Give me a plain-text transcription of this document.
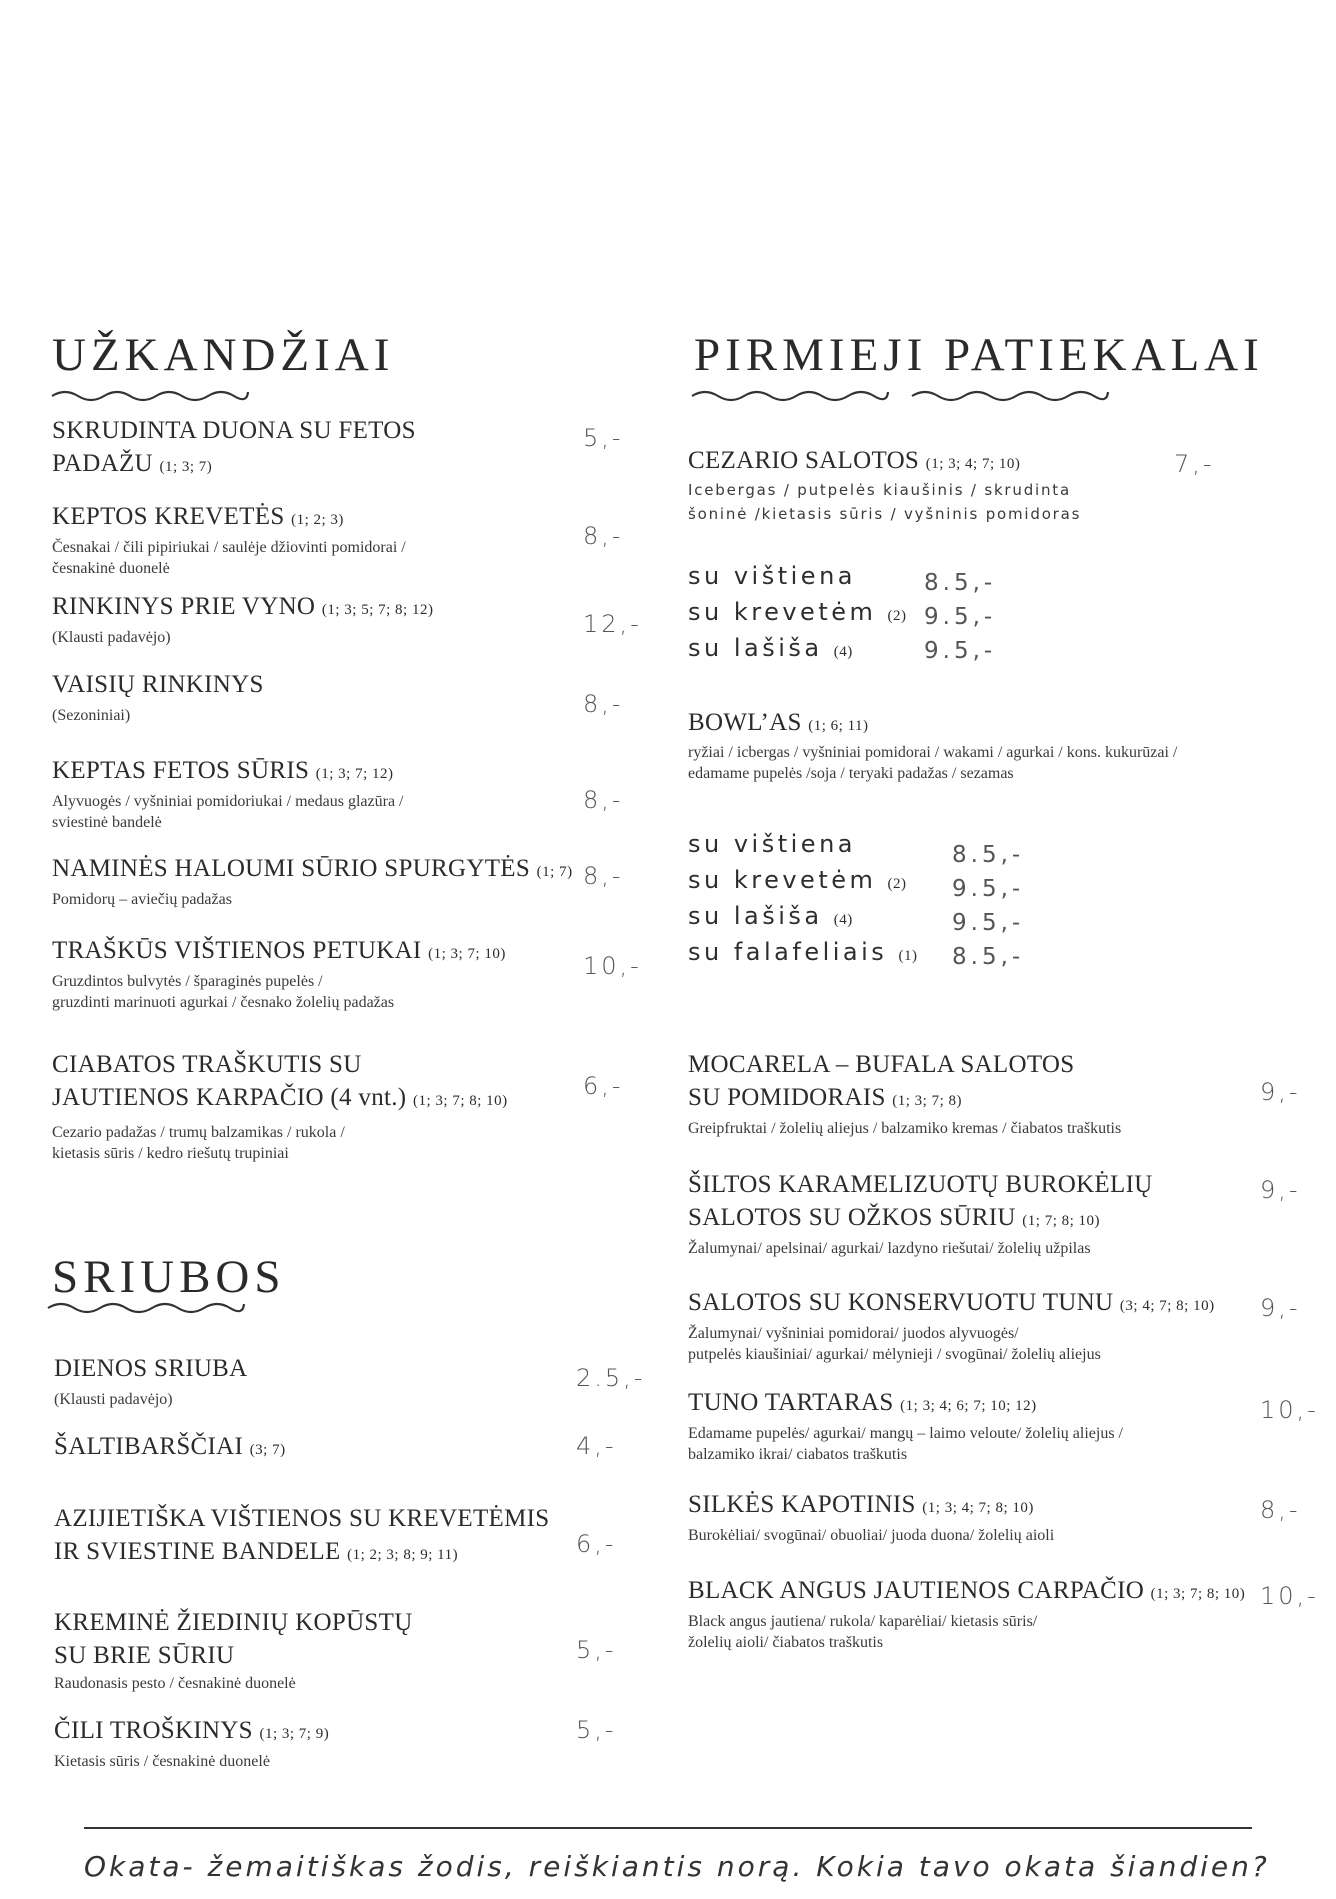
UŽKANDŽIAI
SKRUDINTA DUONA SU FETOS
PADAŽU (1; 3; 7)
5,-
KEPTOS KREVETĖS (1; 2; 3)
Česnakai / čili pipiriukai / saulėje džiovinti pomidorai /
česnakinė duonelė
8,-
RINKINYS PRIE VYNO (1; 3; 5; 7; 8; 12)
(Klausti padavėjo)	12,-
VAISIŲ RINKINYS
(Sezoniniai)	8,-
KEPTAS FETOS SŪRIS (1; 3; 7; 12)
Alyvuogės / vyšniniai pomidoriukai / medaus glazūra /
sviestinė bandelė
8,-
NAMINĖS HALOUMI SŪRIO SPURGYTĖS (1; 7)
Pomidorų – aviečių padažas
8,-
TRAŠKŪS VIŠTIENOS PETUKAI (1; 3; 7; 10)
Gruzdintos bulvytės / šparaginės pupelės /
gruzdinti marinuoti agurkai / česnako žolelių padažas
10,-
CIABATOS TRAŠKUTIS SU
JAUTIENOS KARPAČIO (4 vnt.) (1; 3; 7; 8; 10)
Cezario padažas / trumų balzamikas / rukola /
kietasis sūris / kedro riešutų trupiniai
6,-
SRIUBOS
DIENOS SRIUBA
(Klausti padavėjo)
2.5,-
ŠALTIBARŠČIAI (3; 7)	4,-
AZIJIETIŠKA VIŠTIENOS SU KREVETĖMIS
IR SVIESTINE BANDELE (1; 2; 3; 8; 9; 11)	6,-
KREMINĖ ŽIEDINIŲ KOPŪSTŲ
SU BRIE SŪRIU
Raudonasis pesto / česnakinė duonelė
5,-
ČILI TROŠKINYS (1; 3; 7; 9)
Kietasis sūris / česnakinė duonelė
5,-
PIRMIEJI PATIEKALAI
CEZARIO SALOTOS (1; 3; 4; 7; 10)	7,-
Icebergas / putpelės kiaušinis / skrudinta
šoninė /kietasis sūris / vyšninis pomidoras
su vištiena	8.5,-
su krevetėm (2) 9.5,-
su lašiša (4)	9.5,-
BOWL’AS (1; 6; 11)
ryžiai / icbergas / vyšniniai pomidorai / wakami / agurkai / kons. kukurūzai /
edamame pupelės /soja / teryaki padažas / sezamas
su vištiena	8.5,-
su krevetėm (2) 9.5,-
su lašiša (4)	9.5,-
su falafeliais (1) 8.5,-
MOCARELA – BUFALA SALOTOS
SU POMIDORAIS (1; 3; 7; 8)
Greipfruktai / žolelių aliejus / balzamiko kremas / čiabatos traškutis
9,-
ŠILTOS KARAMELIZUOTŲ BUROKĖLIŲ
SALOTOS SU OŽKOS SŪRIU (1; 7; 8; 10)
Žalumynai/ apelsinai/ agurkai/ lazdyno riešutai/ žolelių užpilas
9,-
SALOTOS SU KONSERVUOTU TUNU (3; 4; 7; 8; 10)
Žalumynai/ vyšniniai pomidorai/ juodos alyvuogės/
putpelės kiaušiniai/ agurkai/ mėlynieji / svogūnai/ žolelių aliejus
9,-
TUNO TARTARAS (1; 3; 4; 6; 7; 10; 12)
Edamame pupelės/ agurkai/ mangų – laimo veloute/ žolelių aliejus /
balzamiko ikrai/ ciabatos traškutis
10,-
SILKĖS KAPOTINIS (1; 3; 4; 7; 8; 10)
Burokėliai/ svogūnai/ obuoliai/ juoda duona/ žolelių aioli
8,-
BLACK ANGUS JAUTIENOS CARPAČIO (1; 3; 7; 8; 10)
Black angus jautiena/ rukola/ kaparėliai/ kietasis sūris/
žolelių aioli/ čiabatos traškutis
10,-
Okata- žemaitiškas žodis, reiškiantis norą. Kokia tavo okata šiandien?
